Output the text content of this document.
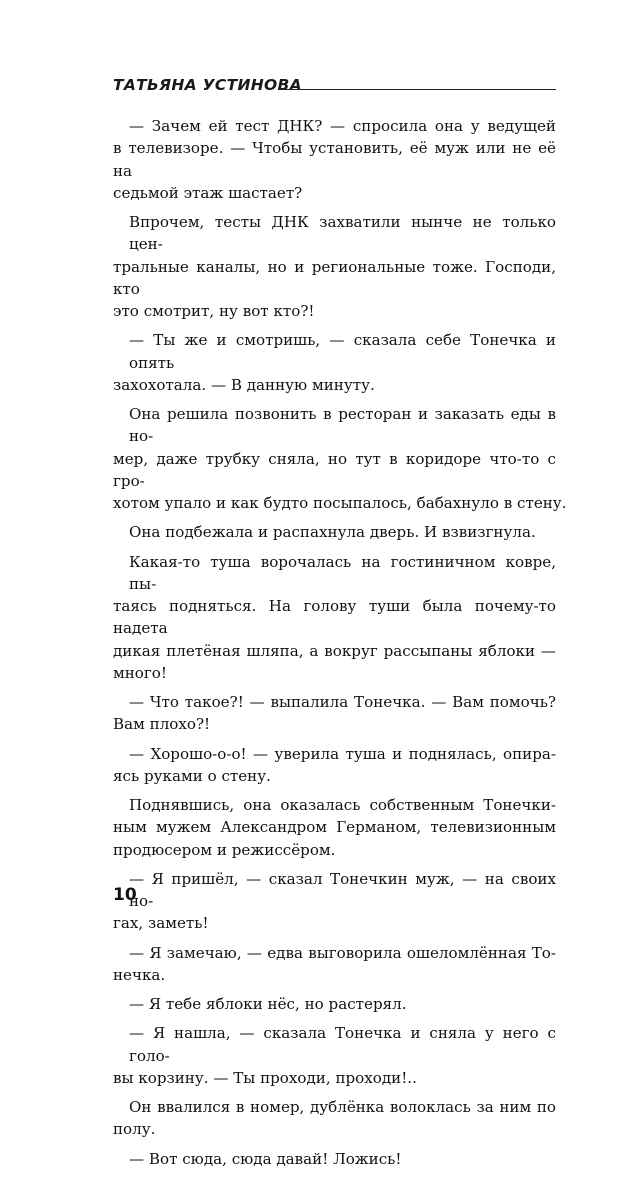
ТАТЬЯНА УСТИНОВА
— Зачем ей тест ДНК? — спросила она у ведущей
в телевизоре. — Чтобы установить, её муж или не её на
седьмой этаж шастает?
Впрочем, тесты ДНК захватили нынче не только цен-
тральные каналы, но и региональные тоже. Господи, кто
это смотрит, ну вот кто?!
— Ты же и смотришь, — сказала себе Тонечка и опять
захохотала. — В данную минуту.
Она решила позвонить в ресторан и заказать еды в но-
мер, даже трубку сняла, но тут в коридоре что-то с гро-
хотом упало и как будто посыпалось, бабахнуло в стену.
Она подбежала и распахнула дверь. И взвизгнула.
Какая-то туша ворочалась на гостиничном ковре, пы-
таясь подняться. На голову туши была почему-то надета
дикая плетёная шляпа, а вокруг рассыпаны яблоки —
много!
— Что такое?! — выпалила Тонечка. — Вам помочь?
Вам плохо?!
— Хорошо-о-о! — уверила туша и поднялась, опира-
ясь руками о стену.
Поднявшись, она оказалась собственным Тонечки-
ным мужем Александром Германом, телевизионным
продюсером и режиссёром.
— Я пришёл, — сказал Тонечкин муж, — на своих но-
гах, заметь!
— Я замечаю, — едва выговорила ошеломлённая То-
нечка.
— Я тебе яблоки нёс, но растерял.
— Я нашла, — сказала Тонечка и сняла у него с голо-
вы корзину. — Ты проходи, проходи!..
Он ввалился в номер, дублёнка волоклась за ним по
полу.
— Вот сюда, сюда давай! Ложись!
10
